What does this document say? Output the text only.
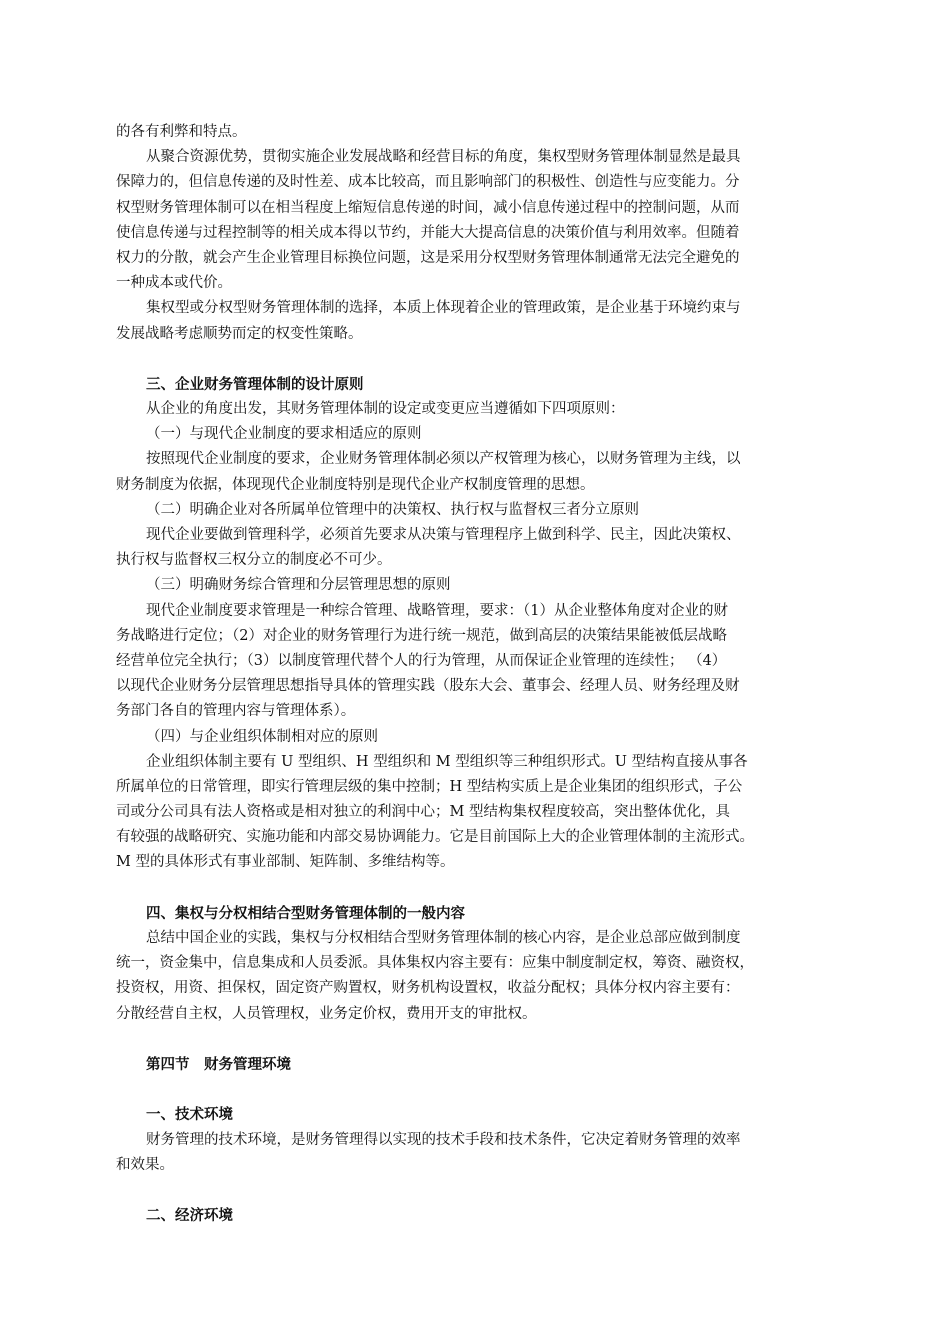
的各有利弊和特点。
从聚合资源优势，贯彻实施企业发展战略和经营目标的角度，集权型财务管理体制显然是最具
保障力的，但信息传递的及时性差、成本比较高，而且影响部门的积极性、创造性与应变能力。分
权型财务管理体制可以在相当程度上缩短信息传递的时间，减小信息传递过程中的控制问题，从而
使信息传递与过程控制等的相关成本得以节约，并能大大提高信息的决策价值与利用效率。但随着
权力的分散，就会产生企业管理目标换位问题，这是采用分权型财务管理体制通常无法完全避免的
一种成本或代价。
集权型或分权型财务管理体制的选择，本质上体现着企业的管理政策，是企业基于环境约束与
发展战略考虑顺势而定的权变性策略。
三、企业财务管理体制的设计原则
从企业的角度出发，其财务管理体制的设定或变更应当遵循如下四项原则：
（一）与现代企业制度的要求相适应的原则
按照现代企业制度的要求，企业财务管理体制必须以产权管理为核心，以财务管理为主线，以
财务制度为依据，体现现代企业制度特别是现代企业产权制度管理的思想。
（二）明确企业对各所属单位管理中的决策权、执行权与监督权三者分立原则
现代企业要做到管理科学，必须首先要求从决策与管理程序上做到科学、民主，因此决策权、
执行权与监督权三权分立的制度必不可少。
（三）明确财务综合管理和分层管理思想的原则
现代企业制度要求管理是一种综合管理、战略管理，要求：（1）从企业整体角度对企业的财
务战略进行定位；（2）对企业的财务管理行为进行统一规范，做到高层的决策结果能被低层战略
经营单位完全执行；（3）以制度管理代替个人的行为管理，从而保证企业管理的连续性； （4）
以现代企业财务分层管理思想指导具体的管理实践（股东大会、董事会、经理人员、财务经理及财
务部门各自的管理内容与管理体系）。
（四）与企业组织体制相对应的原则
企业组织体制主要有 U 型组织、H 型组织和 M 型组织等三种组织形式。U 型结构直接从事各
所属单位的日常管理，即实行管理层级的集中控制；H 型结构实质上是企业集团的组织形式，子公
司或分公司具有法人资格或是相对独立的利润中心；M 型结构集权程度较高，突出整体优化，具
有较强的战略研究、实施功能和内部交易协调能力。它是目前国际上大的企业管理体制的主流形式。
M 型的具体形式有事业部制、矩阵制、多维结构等。
四、集权与分权相结合型财务管理体制的一般内容
总结中国企业的实践，集权与分权相结合型财务管理体制的核心内容，是企业总部应做到制度
统一，资金集中，信息集成和人员委派。具体集权内容主要有：应集中制度制定权，筹资、融资权，
投资权，用资、担保权，固定资产购置权，财务机构设置权，收益分配权；具体分权内容主要有：
分散经营自主权，人员管理权，业务定价权，费用开支的审批权。
第四节　财务管理环境
一、技术环境
财务管理的技术环境，是财务管理得以实现的技术手段和技术条件，它决定着财务管理的效率
和效果。
二、经济环境
